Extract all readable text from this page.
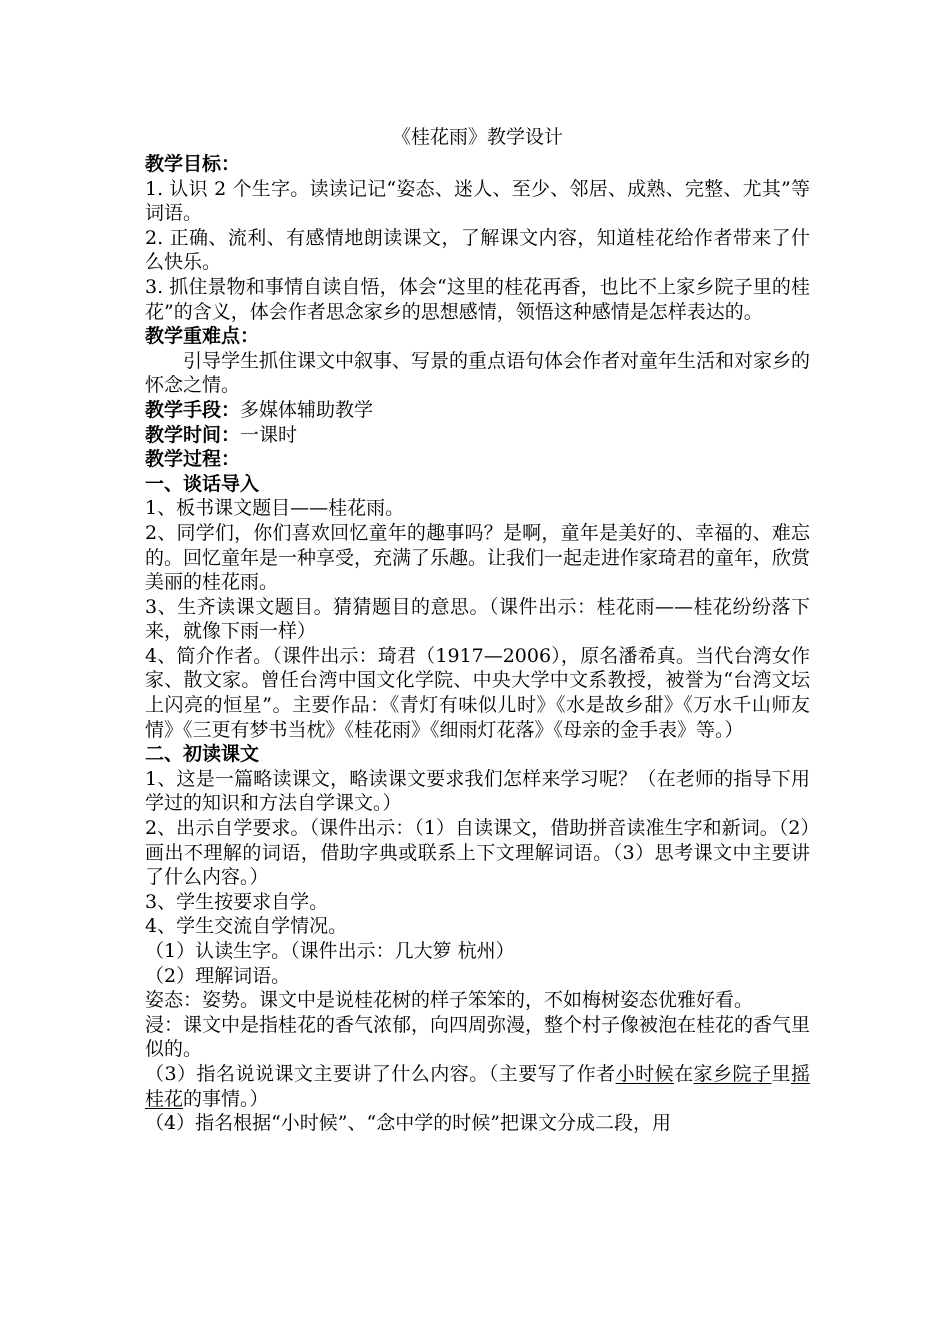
《桂花雨》教学设计

教学目标：

1. 认识 2 个生字。读读记记“姿态、迷人、至少、邻居、成熟、完整、尤其”等词语。

2. 正确、流利、有感情地朗读课文，了解课文内容，知道桂花给作者带来了什么快乐。

3. 抓住景物和事情自读自悟，体会“这里的桂花再香，也比不上家乡院子里的桂花”的含义，体会作者思念家乡的思想感情，领悟这种感情是怎样表达的。

教学重难点：

引导学生抓住课文中叙事、写景的重点语句体会作者对童年生活和对家乡的怀念之情。

教学手段：多媒体辅助教学

教学时间：一课时

教学过程：

一、谈话导入

1、板书课文题目——桂花雨。

2、同学们，你们喜欢回忆童年的趣事吗？是啊，童年是美好的、幸福的、难忘的。回忆童年是一种享受，充满了乐趣。让我们一起走进作家琦君的童年，欣赏美丽的桂花雨。

3、生齐读课文题目。猜猜题目的意思。（课件出示：桂花雨——桂花纷纷落下来，就像下雨一样）

4、简介作者。（课件出示：琦君（1917—2006），原名潘希真。当代台湾女作家、散文家。曾任台湾中国文化学院、中央大学中文系教授，被誉为“台湾文坛上闪亮的恒星”。主要作品：《青灯有味似儿时》《水是故乡甜》《万水千山师友情》《三更有梦书当枕》《桂花雨》《细雨灯花落》《母亲的金手表》等。）

二、初读课文

1、这是一篇略读课文，略读课文要求我们怎样来学习呢？（在老师的指导下用学过的知识和方法自学课文。）

2、出示自学要求。（课件出示：（1）自读课文，借助拼音读准生字和新词。（2）画出不理解的词语，借助字典或联系上下文理解词语。（3）思考课文中主要讲了什么内容。）

3、学生按要求自学。

4、学生交流自学情况。

（1）认读生字。（课件出示：几大箩 杭州）

（2）理解词语。

姿态：姿势。课文中是说桂花树的样子笨笨的，不如梅树姿态优雅好看。

浸：课文中是指桂花的香气浓郁，向四周弥漫，整个村子像被泡在桂花的香气里似的。

（3）指名说说课文主要讲了什么内容。（主要写了作者小时候在家乡院子里摇桂花的事情。）

（4）指名根据“小时候”、“念中学的时候”把课文分成二段，用
